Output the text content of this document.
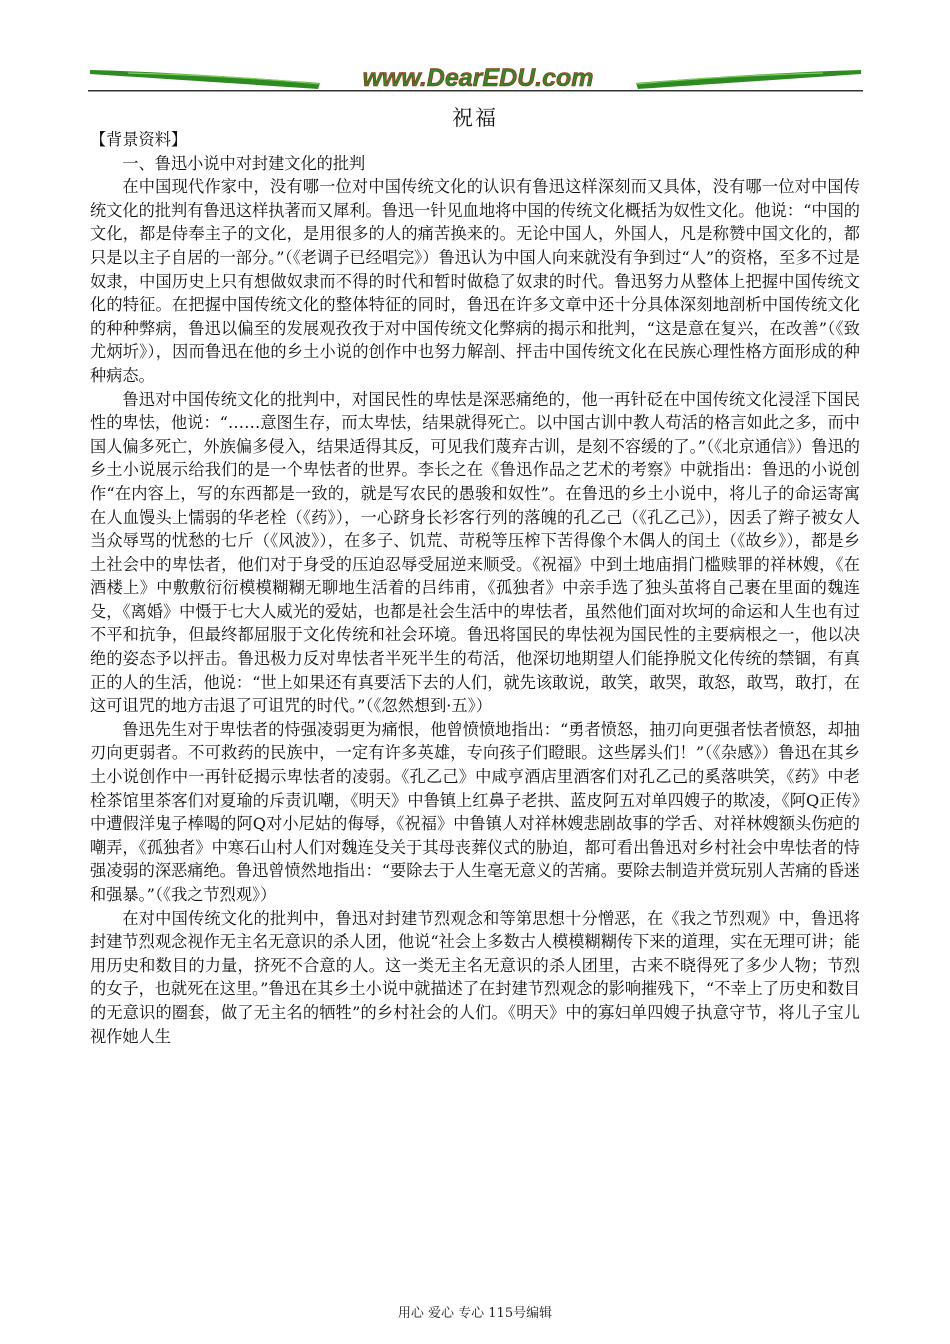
www.DearEDU.com
祝福

【背景资料】

一、鲁迅小说中对封建文化的批判

在中国现代作家中，没有哪一位对中国传统文化的认识有鲁迅这样深刻而又具体，没有哪一位对中国传统文化的批判有鲁迅这样执著而又犀利。鲁迅一针见血地将中国的传统文化概括为奴性文化。他说：“中国的文化，都是侍奉主子的文化，是用很多的人的痛苦换来的。无论中国人，外国人，凡是称赞中国文化的，都只是以主子自居的一部分。”（《老调子已经唱完》）鲁迅认为中国人向来就没有争到过“人”的资格，至多不过是奴隶，中国历史上只有想做奴隶而不得的时代和暂时做稳了奴隶的时代。鲁迅努力从整体上把握中国传统文化的特征。在把握中国传统文化的整体特征的同时，鲁迅在许多文章中还十分具体深刻地剖析中国传统文化的种种弊病，鲁迅以偏至的发展观孜孜于对中国传统文化弊病的揭示和批判，“这是意在复兴，在改善”（《致尤炳圻》），因而鲁迅在他的乡土小说的创作中也努力解剖、抨击中国传统文化在民族心理性格方面形成的种种病态。

鲁迅对中国传统文化的批判中，对国民性的卑怯是深恶痛绝的，他一再针砭在中国传统文化浸淫下国民性的卑怯，他说：“……意图生存，而太卑怯，结果就得死亡。以中国古训中教人苟活的格言如此之多，而中国人偏多死亡，外族偏多侵入，结果适得其反，可见我们蔑弃古训，是刻不容缓的了。”（《北京通信》）鲁迅的乡土小说展示给我们的是一个卑怯者的世界。李长之在《鲁迅作品之艺术的考察》中就指出：鲁迅的小说创作“在内容上，写的东西都是一致的，就是写农民的愚骏和奴性”。在鲁迅的乡土小说中，将儿子的命运寄寓在人血馒头上懦弱的华老栓（《药》），一心跻身长衫客行列的落魄的孔乙己（《孔乙己》），因丢了辫子被女人当众辱骂的忧愁的七斤（《风波》），在多子、饥荒、苛税等压榨下苦得像个木偶人的闰土（《故乡》），都是乡土社会中的卑怯者，他们对于身受的压迫忍辱受屈逆来顺受。《祝福》中到土地庙捐门槛赎罪的祥林嫂，《在酒楼上》中敷敷衍衍模模糊糊无聊地生活着的吕纬甫，《孤独者》中亲手选了独头茧将自己裹在里面的魏连殳，《离婚》中慑于七大人威光的爱姑，也都是社会生活中的卑怯者，虽然他们面对坎坷的命运和人生也有过不平和抗争，但最终都屈服于文化传统和社会环境。鲁迅将国民的卑怯视为国民性的主要病根之一，他以决绝的姿态予以抨击。鲁迅极力反对卑怯者半死半生的苟活，他深切地期望人们能挣脱文化传统的禁锢，有真正的人的生活，他说：“世上如果还有真要活下去的人们，就先该敢说，敢笑，敢哭，敢怒，敢骂，敢打，在这可诅咒的地方击退了可诅咒的时代。”（《忽然想到·五》）

鲁迅先生对于卑怯者的恃强凌弱更为痛恨，他曾愤愤地指出：“勇者愤怒，抽刃向更强者怯者愤怒，却抽刃向更弱者。不可救药的民族中，一定有许多英雄，专向孩子们瞪眼。这些孱头们！”（《杂感》）鲁迅在其乡土小说创作中一再针砭揭示卑怯者的凌弱。《孔乙己》中咸亨酒店里酒客们对孔乙己的奚落哄笑，《药》中老栓茶馆里茶客们对夏瑜的斥责讥嘲，《明天》中鲁镇上红鼻子老拱、蓝皮阿五对单四嫂子的欺凌，《阿Q正传》中遭假洋鬼子棒喝的阿Q对小尼姑的侮辱，《祝福》中鲁镇人对祥林嫂悲剧故事的学舌、对祥林嫂额头伤疤的嘲弄，《孤独者》中寒石山村人们对魏连殳关于其母丧葬仪式的胁迫，都可看出鲁迅对乡村社会中卑怯者的恃强凌弱的深恶痛绝。鲁迅曾愤然地指出：“要除去于人生毫无意义的苦痛。要除去制造并赏玩别人苦痛的昏迷和强暴。”（《我之节烈观》）

在对中国传统文化的批判中，鲁迅对封建节烈观念和等第思想十分憎恶，在《我之节烈观》中，鲁迅将封建节烈观念视作无主名无意识的杀人团，他说“社会上多数古人模模糊糊传下来的道理，实在无理可讲；能用历史和数目的力量，挤死不合意的人。这一类无主名无意识的杀人团里，古来不晓得死了多少人物；节烈的女子，也就死在这里。”鲁迅在其乡土小说中就描述了在封建节烈观念的影响摧残下，“不幸上了历史和数目的无意识的圈套，做了无主名的牺牲”的乡村社会的人们。《明天》中的寡妇单四嫂子执意守节，将儿子宝儿视作她人生

用心 爱心 专心 115号编辑
